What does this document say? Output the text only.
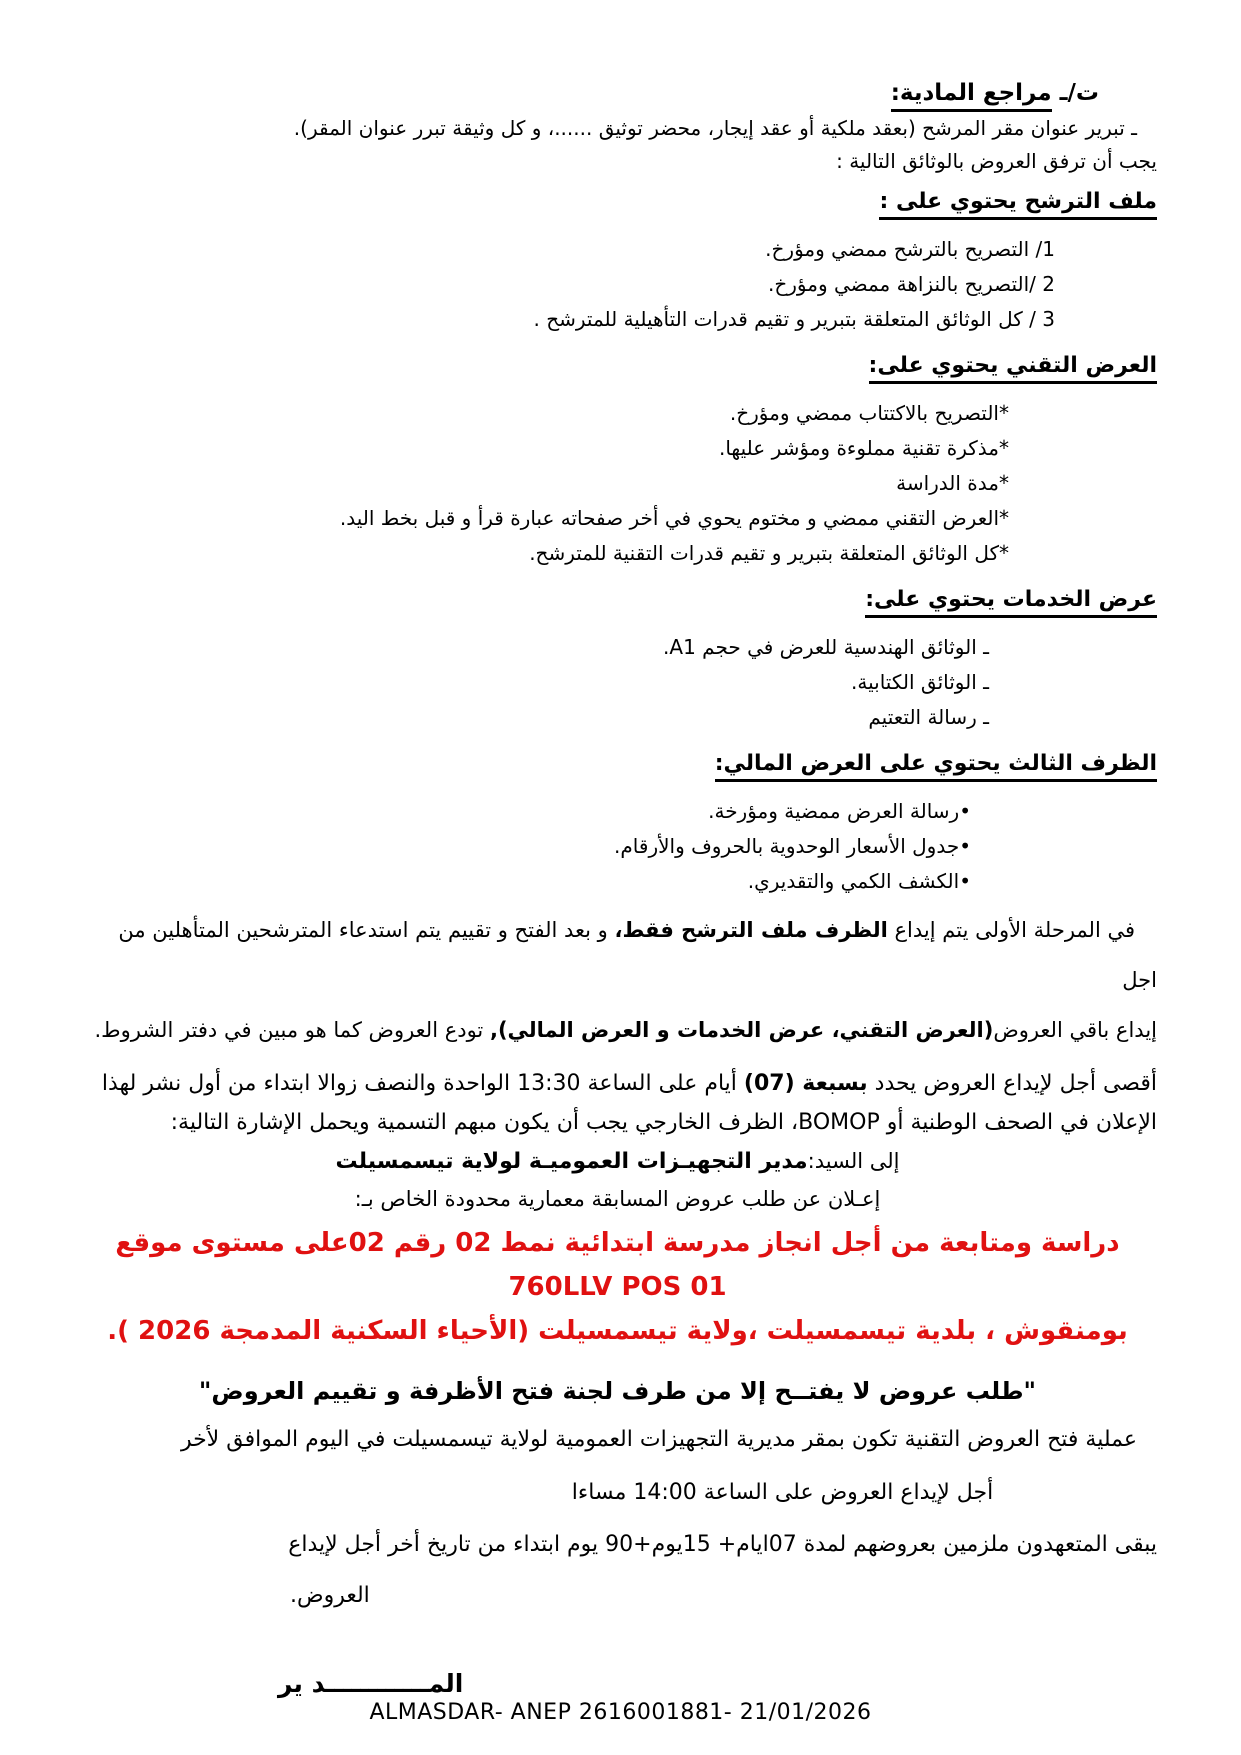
ت/ـ مراجع المادية:
ـ تبرير عنوان مقر المرشح (بعقد ملكية أو عقد إيجار، محضر توثيق ......، و كل وثيقة تبرر عنوان المقر).
يجب أن ترفق العروض بالوثائق التالية :
ملف الترشح يحتوي على :
1/ التصريح بالترشح ممضي ومؤرخ.
2 /التصريح بالنزاهة ممضي ومؤرخ.
3 / كل الوثائق المتعلقة بتبرير و تقيم قدرات التأهيلية للمترشح .
العرض التقني يحتوي على:
*التصريح بالاكتتاب ممضي ومؤرخ.
*مذكرة تقنية مملوءة ومؤشر عليها.
*مدة الدراسة
*العرض التقني ممضي و مختوم يحوي في أخر صفحاته عبارة قرأ و قبل بخط اليد.
*كل الوثائق المتعلقة بتبرير و تقيم قدرات التقنية للمترشح.
عرض الخدمات يحتوي على:
ـ الوثائق الهندسية للعرض في حجم A1.
ـ الوثائق الكتابية.
ـ رسالة التعتيم
الظرف الثالث يحتوي على العرض المالي:
•رسالة العرض ممضية ومؤرخة.
•جدول الأسعار الوحدوية بالحروف والأرقام.
•الكشف الكمي والتقديري.
في المرحلة الأولى يتم إيداع الظرف ملف الترشح فقط، و بعد الفتح و تقييم يتم استدعاء المترشحين المتأهلين من اجل
إيداع باقي العروض(العرض التقني، عرض الخدمات و العرض المالي), تودع العروض كما هو مبين في دفتر الشروط.
أقصى أجل لإيداع العروض يحدد بسبعة (07) أيام على الساعة 13:30 الواحدة والنصف زوالا ابتداء من أول نشر لهذا
الإعلان في الصحف الوطنية أو BOMOP، الظرف الخارجي يجب أن يكون مبهم التسمية ويحمل الإشارة التالية:
إلى السيد:مدير التجهيـزات العموميـة لولاية تيسمسيلت
إعـلان عن طلب عروض المسابقة معمارية محدودة الخاص بـ:
دراسة ومتابعة من أجل انجاز مدرسة ابتدائية نمط 02 رقم 02على مستوى موقع 760LLV POS 01
بومنقوش ، بلدية تيسمسيلت ،ولاية تيسمسيلت (الأحياء السكنية المدمجة 2026 ).
"طلب عروض لا يفتــح إلا من طرف لجنة فتح الأظرفة و تقييم العروض"
عملية فتح العروض التقنية تكون بمقر مديرية التجهيزات العمومية لولاية تيسمسيلت في اليوم الموافق لأخر
أجل لإيداع العروض على الساعة 14:00 مساءا
يبقى المتعهدون ملزمين بعروضهم لمدة 07ايام+ 15يوم+90 يوم ابتداء من تاريخ أخر أجل لإيداع
العروض.
المــــــــــــد ير
ALMASDAR- ANEP 2616001881- 21/01/2026
